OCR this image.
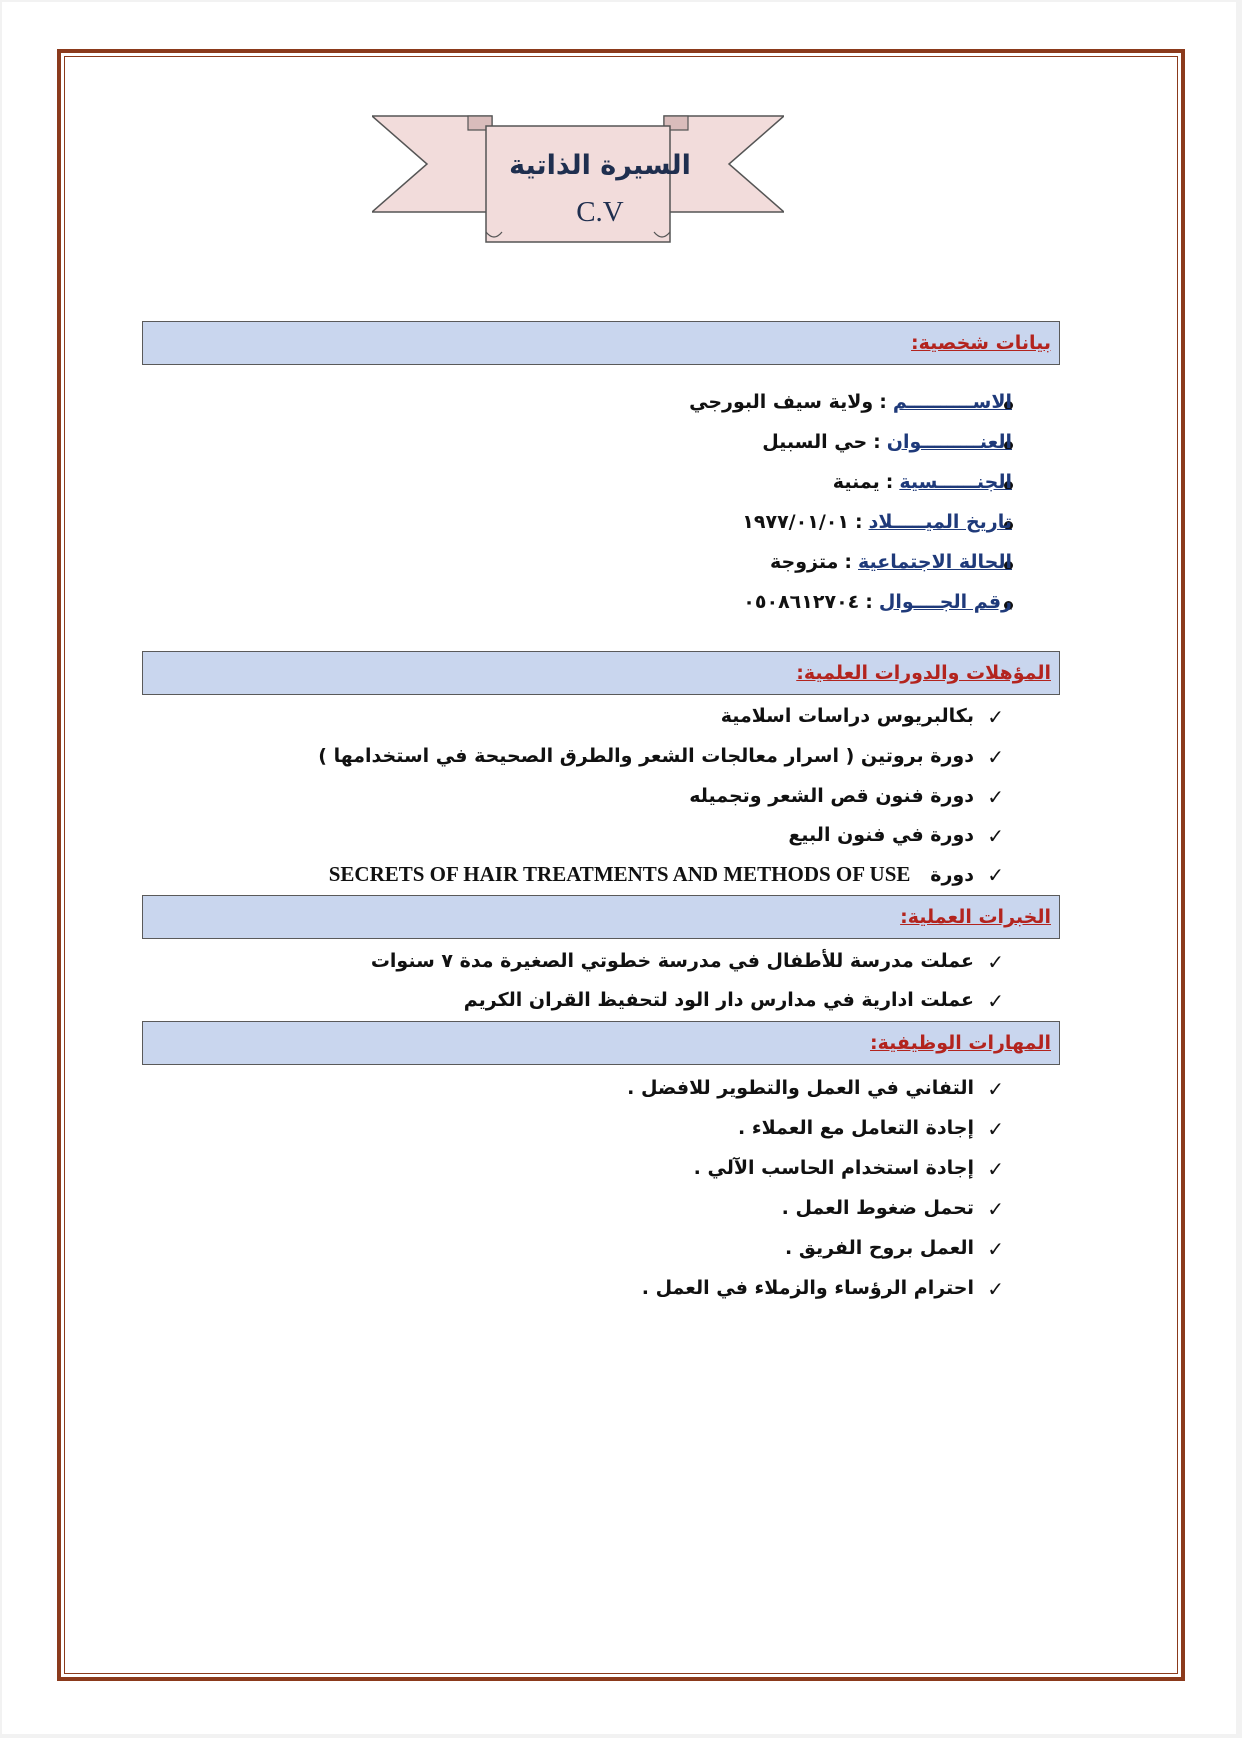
السيرة الذاتية
C.V
بيانات شخصية:
الاســــــــــم:ولاية سيف البورجي
العنـــــــــوان:حي السبيل
الجنــــــسية:يمنية
تاريخ الميـــــلاد:١٩٧٧/٠١/٠١
الحالة الاجتماعية:متزوجة
رقم الجــــوال:٠٥٠٨٦١٢٧٠٤
المؤهلات والدورات العلمية:
✓
بكالبريوس دراسات اسلامية
✓
دورة بروتين ( اسرار معالجات الشعر والطرق الصحيحة في استخدامها )
✓
دورة فنون قص الشعر وتجميله
✓
دورة في فنون البيع
✓
دورة   SECRETS OF HAIR TREATMENTS AND METHODS OF USE
الخبرات العملية:
✓
عملت مدرسة للأطفال في مدرسة خطوتي الصغيرة مدة ٧ سنوات
✓
عملت ادارية في مدارس دار الود لتحفيظ القران الكريم
المهارات الوظيفية:
✓
التفاني في العمل والتطوير للافضل .
✓
إجادة التعامل مع العملاء .
✓
إجادة استخدام الحاسب الآلي .
✓
تحمل ضغوط العمل .
✓
العمل بروح الفريق .
✓
احترام الرؤساء والزملاء في العمل .
